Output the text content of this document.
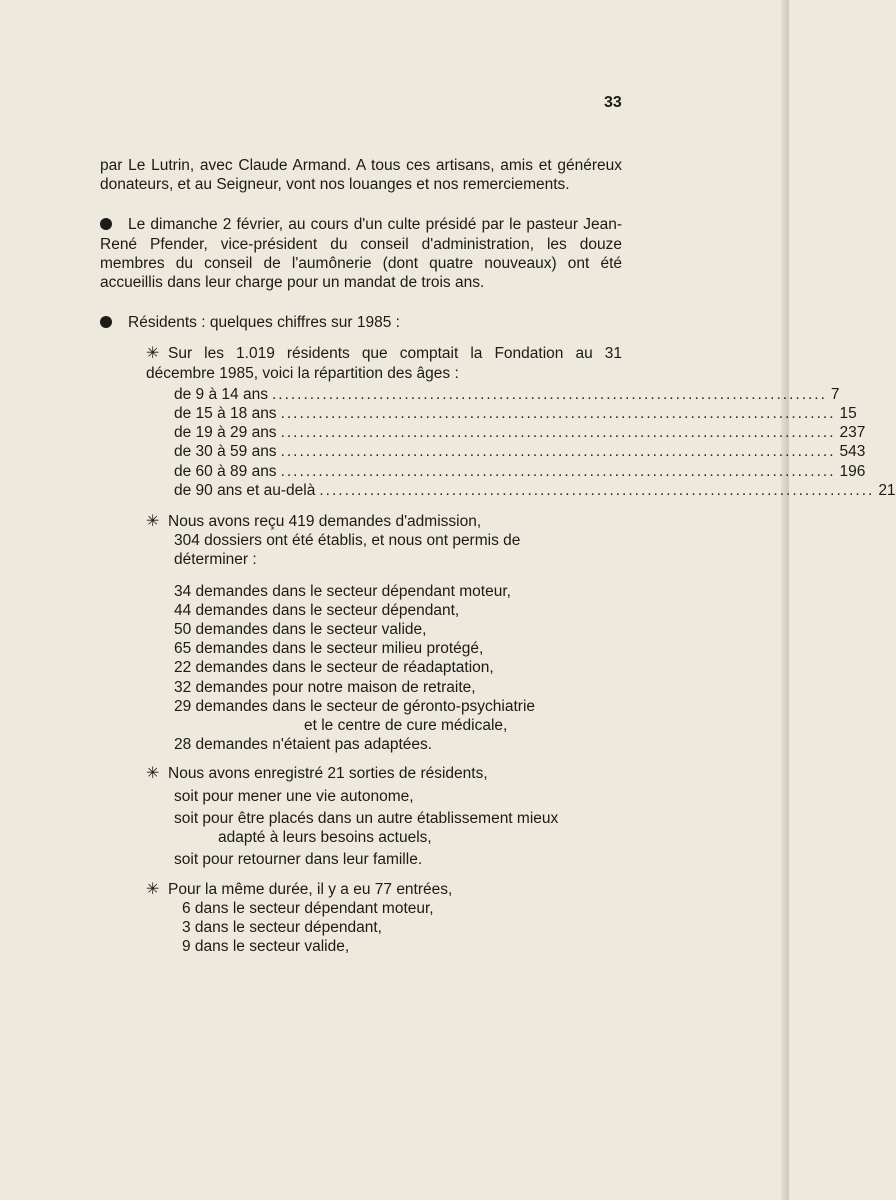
33

par Le Lutrin, avec Claude Armand. A tous ces artisans, amis et généreux donateurs, et au Seigneur, vont nos louanges et nos remerciements.

Le dimanche 2 février, au cours d'un culte présidé par le pasteur Jean-René Pfender, vice-président du conseil d'administration, les douze membres du conseil de l'aumônerie (dont quatre nouveaux) ont été accueillis dans leur charge pour un mandat de trois ans.

Résidents : quelques chiffres sur 1985 :
✳ Sur les 1.019 résidents que comptait la Fondation au 31 décembre 1985, voici la répartition des âges :
de 9 à 14 ans ........................................................................................ 7
de 15 à 18 ans ........................................................................................ 15
de 19 à 29 ans ........................................................................................ 237
de 30 à 59 ans ........................................................................................ 543
de 60 à 89 ans ........................................................................................ 196
de 90 ans et au-delà ........................................................................................ 21
✳ Nous avons reçu 419 demandes d'admission,
304 dossiers ont été établis, et nous ont permis de
déterminer :
34 demandes dans le secteur dépendant moteur,
44 demandes dans le secteur dépendant,
50 demandes dans le secteur valide,
65 demandes dans le secteur milieu protégé,
22 demandes dans le secteur de réadaptation,
32 demandes pour notre maison de retraite,
29 demandes dans le secteur de géronto-psychiatrie
et le centre de cure médicale,
28 demandes n'étaient pas adaptées.
✳ Nous avons enregistré 21 sorties de résidents,
soit pour mener une vie autonome,
soit pour être placés dans un autre établissement mieux
adapté à leurs besoins actuels,
soit pour retourner dans leur famille.
✳ Pour la même durée, il y a eu 77 entrées,
6 dans le secteur dépendant moteur,
3 dans le secteur dépendant,
9 dans le secteur valide,
